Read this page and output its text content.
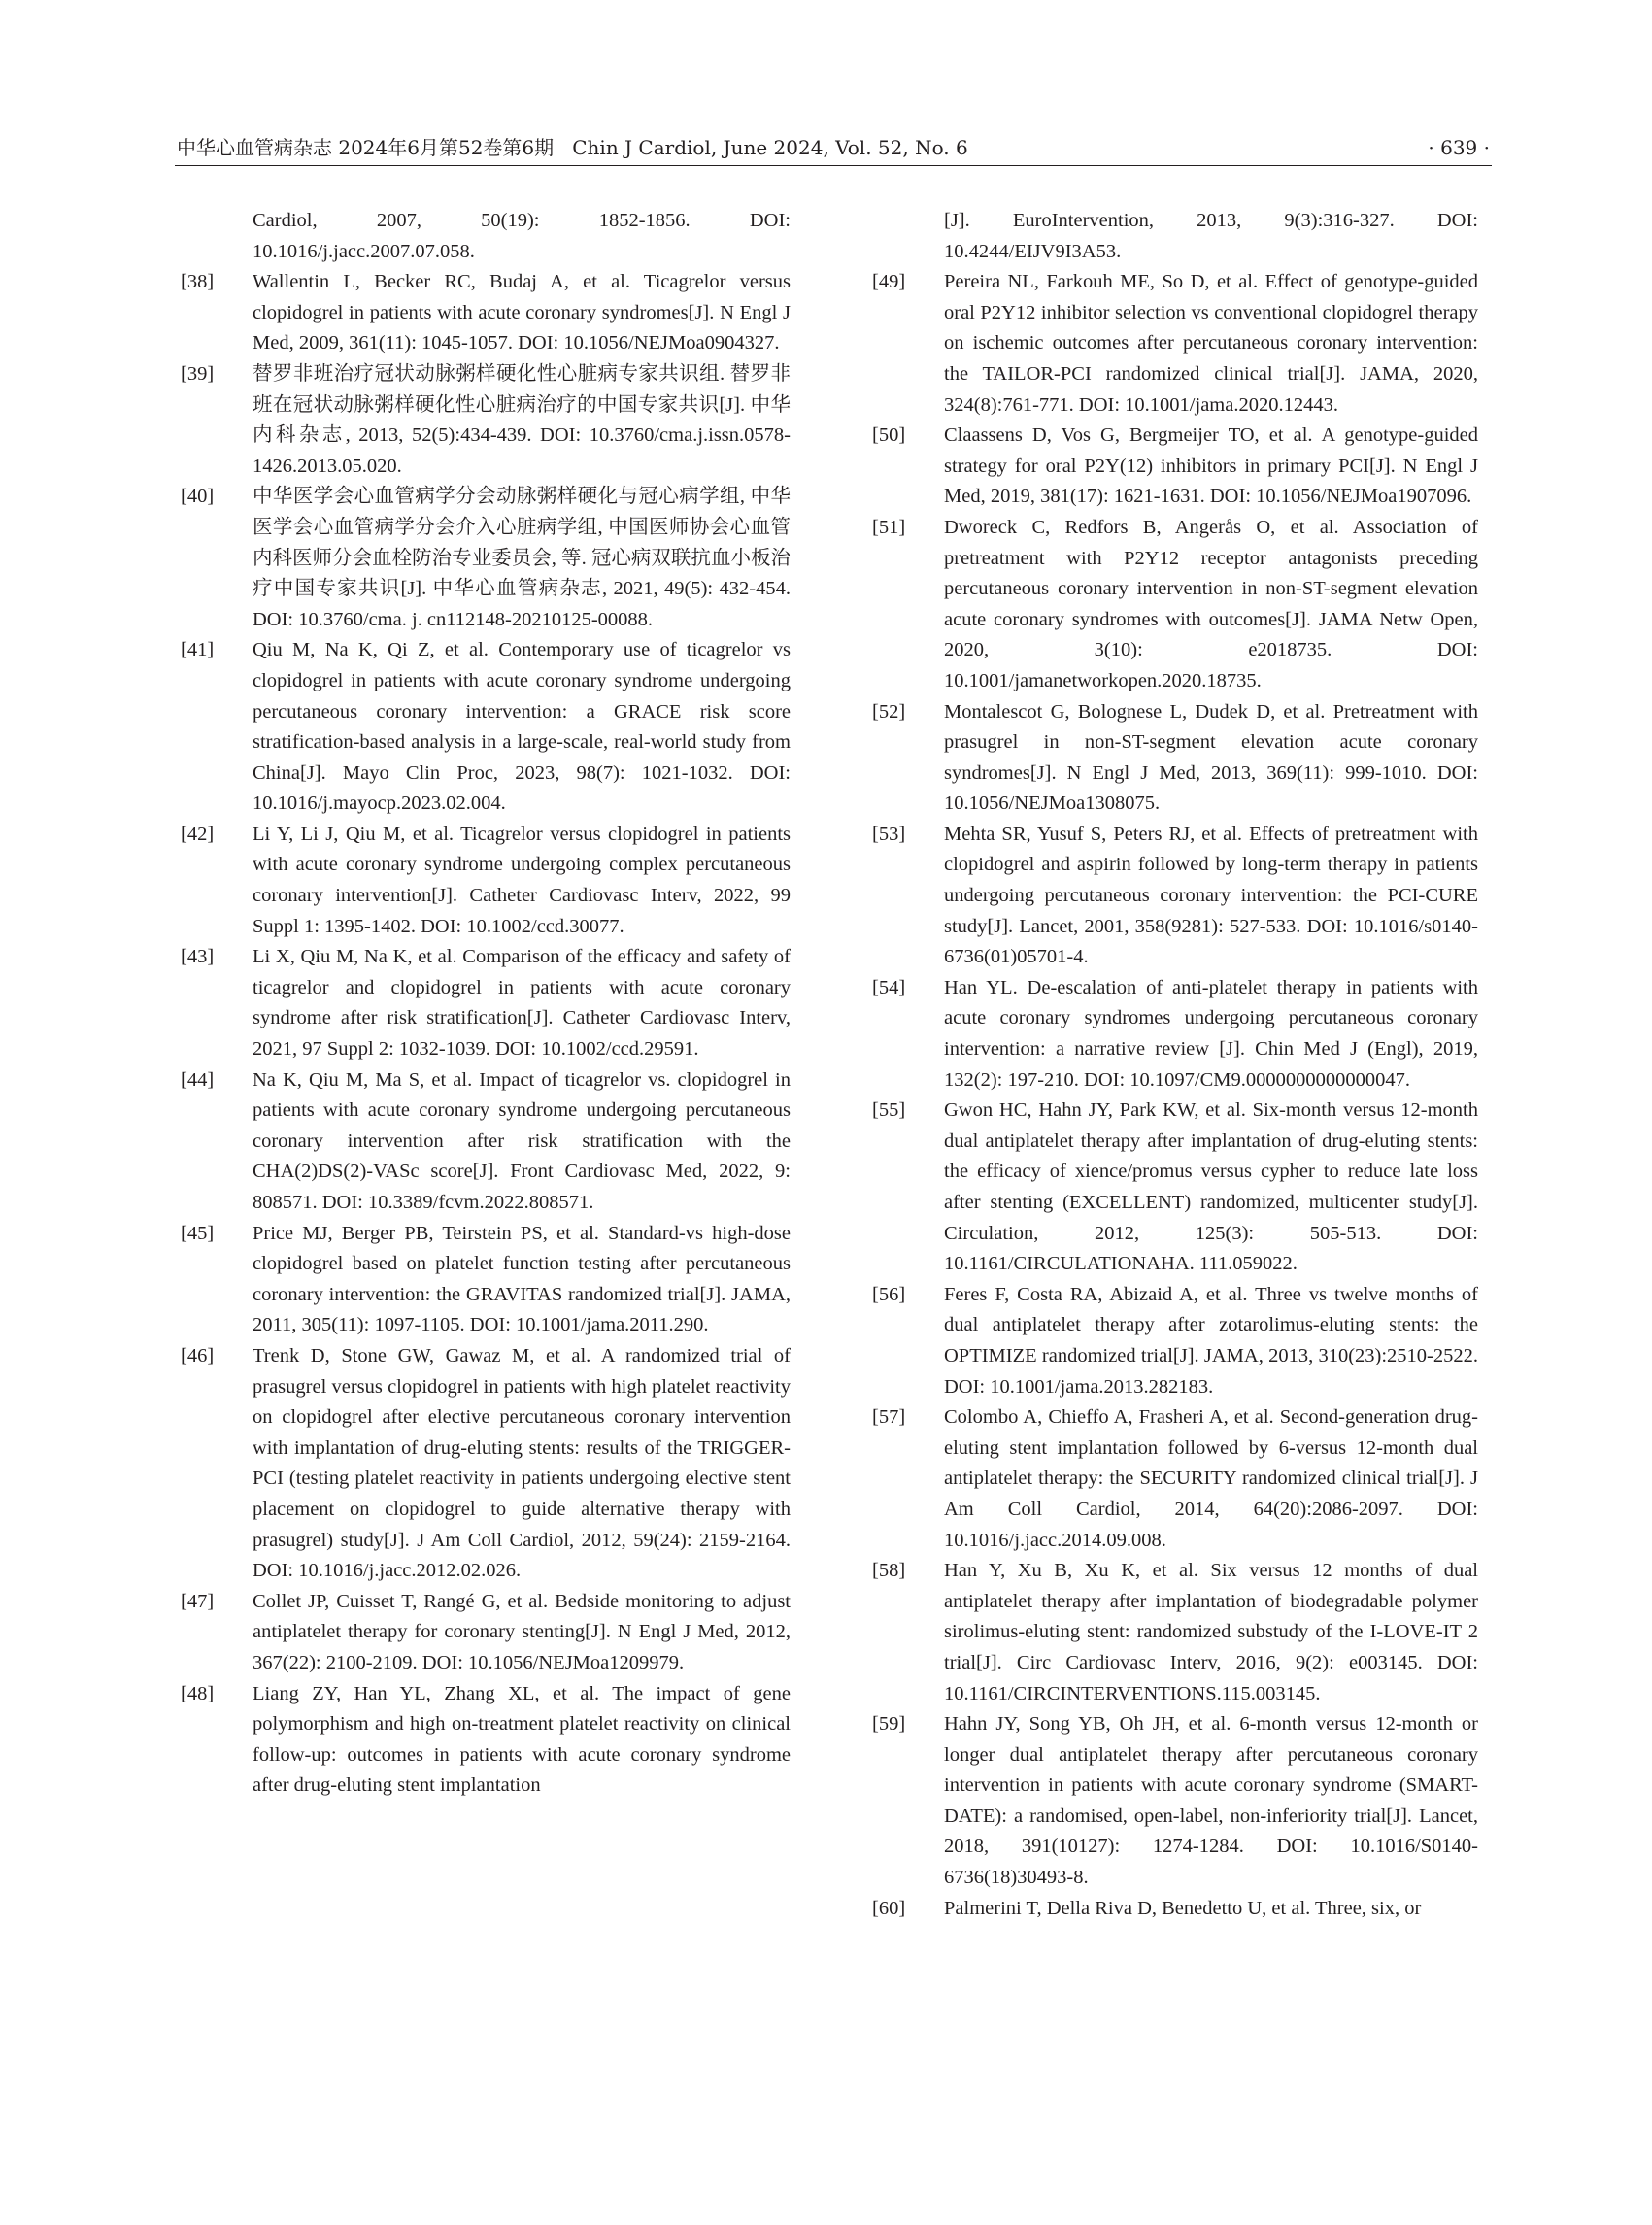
中华心血管病杂志 2024年6月第52卷第6期 Chin J Cardiol, June 2024, Vol. 52, No. 6	· 639 ·
Cardiol, 2007, 50(19): 1852-1856. DOI: 10.1016/j.jacc.2007.07.058.
[38]	Wallentin L, Becker RC, Budaj A, et al. Ticagrelor versus clopidogrel in patients with acute coronary syndromes[J]. N Engl J Med, 2009, 361(11): 1045-1057. DOI: 10.1056/NEJMoa0904327.
[39]	替罗非班治疗冠状动脉粥样硬化性心脏病专家共识组. 替罗非班在冠状动脉粥样硬化性心脏病治疗的中国专家共识[J]. 中华内科杂志, 2013, 52(5):434-439. DOI: 10.3760/cma.j.issn.0578-1426.2013.05.020.
[40]	中华医学会心血管病学分会动脉粥样硬化与冠心病学组, 中华医学会心血管病学分会介入心脏病学组, 中国医师协会心血管内科医师分会血栓防治专业委员会, 等. 冠心病双联抗血小板治疗中国专家共识[J]. 中华心血管病杂志, 2021, 49(5): 432-454. DOI: 10.3760/cma. j. cn112148-20210125-00088.
[41]	Qiu M, Na K, Qi Z, et al. Contemporary use of ticagrelor vs clopidogrel in patients with acute coronary syndrome undergoing percutaneous coronary intervention: a GRACE risk score stratification-based analysis in a large-scale, real-world study from China[J]. Mayo Clin Proc, 2023, 98(7): 1021-1032. DOI: 10.1016/j.mayocp.2023.02.004.
[42]	Li Y, Li J, Qiu M, et al. Ticagrelor versus clopidogrel in patients with acute coronary syndrome undergoing complex percutaneous coronary intervention[J]. Catheter Cardiovasc Interv, 2022, 99 Suppl 1: 1395-1402. DOI: 10.1002/ccd.30077.
[43]	Li X, Qiu M, Na K, et al. Comparison of the efficacy and safety of ticagrelor and clopidogrel in patients with acute coronary syndrome after risk stratification[J]. Catheter Cardiovasc Interv, 2021, 97 Suppl 2: 1032-1039. DOI: 10.1002/ccd.29591.
[44]	Na K, Qiu M, Ma S, et al. Impact of ticagrelor vs. clopidogrel in patients with acute coronary syndrome undergoing percutaneous coronary intervention after risk stratification with the CHA(2)DS(2)-VASc score[J]. Front Cardiovasc Med, 2022, 9: 808571. DOI: 10.3389/fcvm.2022.808571.
[45]	Price MJ, Berger PB, Teirstein PS, et al. Standard-vs high-dose clopidogrel based on platelet function testing after percutaneous coronary intervention: the GRAVITAS randomized trial[J]. JAMA, 2011, 305(11): 1097-1105. DOI: 10.1001/jama.2011.290.
[46]	Trenk D, Stone GW, Gawaz M, et al. A randomized trial of prasugrel versus clopidogrel in patients with high platelet reactivity on clopidogrel after elective percutaneous coronary intervention with implantation of drug-eluting stents: results of the TRIGGER-PCI (testing platelet reactivity in patients undergoing elective stent placement on clopidogrel to guide alternative therapy with prasugrel) study[J]. J Am Coll Cardiol, 2012, 59(24): 2159-2164. DOI: 10.1016/j.jacc.2012.02.026.
[47]	Collet JP, Cuisset T, Rangé G, et al. Bedside monitoring to adjust antiplatelet therapy for coronary stenting[J]. N Engl J Med, 2012, 367(22): 2100-2109. DOI: 10.1056/NEJMoa1209979.
[48]	Liang ZY, Han YL, Zhang XL, et al. The impact of gene polymorphism and high on-treatment platelet reactivity on clinical follow-up: outcomes in patients with acute coronary syndrome after drug-eluting stent implantation
[J]. EuroIntervention, 2013, 9(3):316-327. DOI: 10.4244/EIJV9I3A53.
[49]	Pereira NL, Farkouh ME, So D, et al. Effect of genotype-guided oral P2Y12 inhibitor selection vs conventional clopidogrel therapy on ischemic outcomes after percutaneous coronary intervention: the TAILOR-PCI randomized clinical trial[J]. JAMA, 2020, 324(8):761-771. DOI: 10.1001/jama.2020.12443.
[50]	Claassens D, Vos G, Bergmeijer TO, et al. A genotype-guided strategy for oral P2Y(12) inhibitors in primary PCI[J]. N Engl J Med, 2019, 381(17): 1621-1631. DOI: 10.1056/NEJMoa1907096.
[51]	Dworeck C, Redfors B, Angerås O, et al. Association of pretreatment with P2Y12 receptor antagonists preceding percutaneous coronary intervention in non-ST-segment elevation acute coronary syndromes with outcomes[J]. JAMA Netw Open, 2020, 3(10): e2018735. DOI: 10.1001/jamanetworkopen.2020.18735.
[52]	Montalescot G, Bolognese L, Dudek D, et al. Pretreatment with prasugrel in non-ST-segment elevation acute coronary syndromes[J]. N Engl J Med, 2013, 369(11): 999-1010. DOI: 10.1056/NEJMoa1308075.
[53]	Mehta SR, Yusuf S, Peters RJ, et al. Effects of pretreatment with clopidogrel and aspirin followed by long-term therapy in patients undergoing percutaneous coronary intervention: the PCI-CURE study[J]. Lancet, 2001, 358(9281): 527-533. DOI: 10.1016/s0140-6736(01)05701-4.
[54]	Han YL. De-escalation of anti-platelet therapy in patients with acute coronary syndromes undergoing percutaneous coronary intervention: a narrative review [J]. Chin Med J (Engl), 2019, 132(2): 197-210. DOI: 10.1097/CM9.0000000000000047.
[55]	Gwon HC, Hahn JY, Park KW, et al. Six-month versus 12-month dual antiplatelet therapy after implantation of drug-eluting stents: the efficacy of xience/promus versus cypher to reduce late loss after stenting (EXCELLENT) randomized, multicenter study[J]. Circulation, 2012, 125(3): 505-513. DOI: 10.1161/CIRCULATIONAHA. 111.059022.
[56]	Feres F, Costa RA, Abizaid A, et al. Three vs twelve months of dual antiplatelet therapy after zotarolimus-eluting stents: the OPTIMIZE randomized trial[J]. JAMA, 2013, 310(23):2510-2522. DOI: 10.1001/jama.2013.282183.
[57]	Colombo A, Chieffo A, Frasheri A, et al. Second-generation drug-eluting stent implantation followed by 6-versus 12-month dual antiplatelet therapy: the SECURITY randomized clinical trial[J]. J Am Coll Cardiol, 2014, 64(20):2086-2097. DOI: 10.1016/j.jacc.2014.09.008.
[58]	Han Y, Xu B, Xu K, et al. Six versus 12 months of dual antiplatelet therapy after implantation of biodegradable polymer sirolimus-eluting stent: randomized substudy of the I-LOVE-IT 2 trial[J]. Circ Cardiovasc Interv, 2016, 9(2): e003145. DOI: 10.1161/CIRCINTERVENTIONS.115.003145.
[59]	Hahn JY, Song YB, Oh JH, et al. 6-month versus 12-month or longer dual antiplatelet therapy after percutaneous coronary intervention in patients with acute coronary syndrome (SMART-DATE): a randomised, open-label, non-inferiority trial[J]. Lancet, 2018, 391(10127): 1274-1284. DOI: 10.1016/S0140-6736(18)30493-8.
[60]	Palmerini T, Della Riva D, Benedetto U, et al. Three, six, or
